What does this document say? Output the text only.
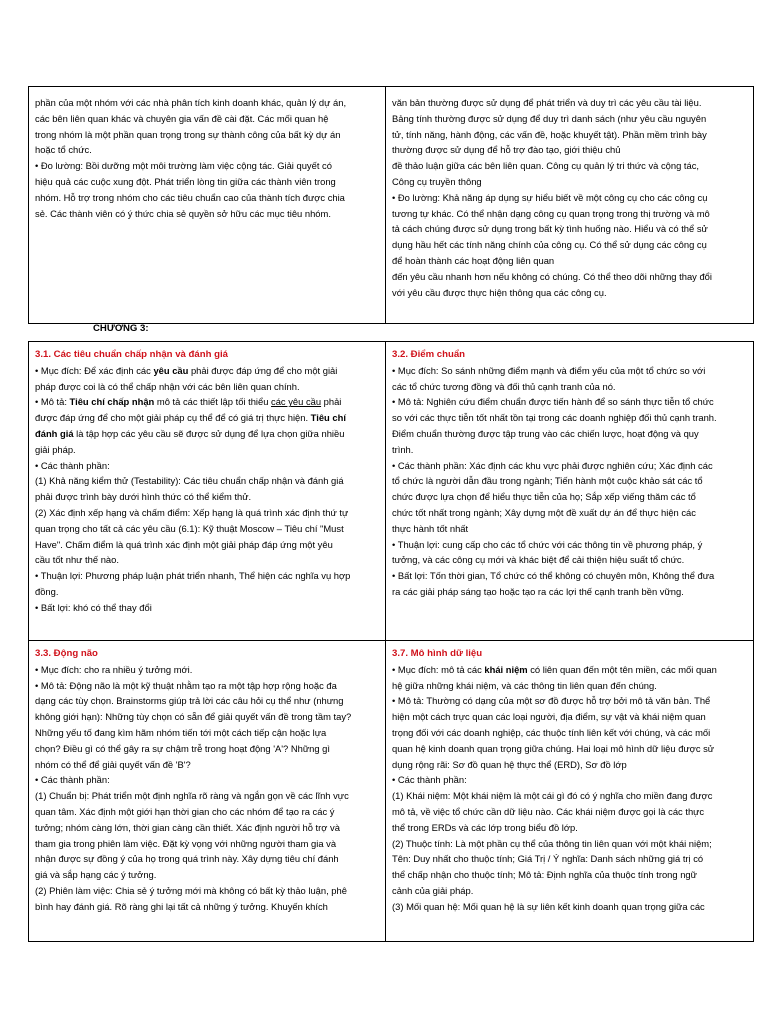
phần của một nhóm với các nhà phân tích kinh doanh khác, quản lý dự án,

các bên liên quan khác và chuyên gia vấn đề cài đặt. Các mối quan hệ

trong nhóm là một phần quan trọng trong sự thành công của bất kỳ dự án

hoặc tổ chức.

• Đo lường: Bồi dưỡng một môi trường làm việc cộng tác. Giải quyết có

hiệu quả các cuộc xung đột. Phát triển lòng tin giữa các thành viên trong

nhóm. Hỗ trợ trong nhóm cho các tiêu chuẩn cao của thành tích được chia

sẻ. Các thành viên có ý thức chia sẻ quyền sở hữu các mục tiêu nhóm.

văn bản thường được sử dụng để phát triển và duy trì các yêu cầu tài liệu.

Bảng tính thường được sử dụng để duy trì danh sách (như yêu cầu nguyên

tử, tính năng, hành động, các vấn đề, hoặc khuyết tật). Phần mềm trình bày

thường được sử dụng để hỗ trợ đào tạo, giới thiệu chủ

đề thảo luận giữa các bên liên quan. Công cụ quản lý tri thức và cộng tác,

Công cụ truyền thông

• Đo lường: Khả năng áp dụng sự hiểu biết về một công cụ cho các công cụ

tương tự khác. Có thể nhận dạng công cụ quan trọng trong thị trường và mô

tả cách chúng được sử dụng trong bất kỳ tình huống nào. Hiểu và có thể sử

dụng hầu hết các tính năng chính của công cụ. Có thể sử dụng các công cụ

để hoàn thành các hoạt động liên quan

đến yêu cầu nhanh hơn nếu không có chúng. Có thể theo dõi những thay đổi

với yêu cầu được thực hiện thông qua các công cụ.

CHƯƠNG 3:

3.1. Các tiêu chuẩn chấp nhận và đánh giá

• Mục đích: Để xác định các yêu cầu phải được đáp ứng để cho một giải

pháp được coi là có thể chấp nhận với các bên liên quan chính.

• Mô tả: Tiêu chí chấp nhận mô tả các thiết lập tối thiểu các yêu cầu phải

được đáp ứng để cho một giải pháp cụ thể để có giá trị thực hiện. Tiêu chí

đánh giá là tập hợp các yêu cầu sẽ được sử dụng để lựa chọn giữa nhiều

giải pháp.

• Các thành phần:

(1) Khả năng kiểm thử (Testability): Các tiêu chuẩn chấp nhận và đánh giá

phải được trình bày dưới hình thức có thể kiểm thử.

(2) Xác định xếp hạng và chấm điểm: Xếp hạng là quá trình xác định thứ tự

quan trọng cho tất cả các yêu cầu (6.1): Kỹ thuật Moscow – Tiêu chí "Must

Have". Chấm điểm là quá trình xác định một giải pháp đáp ứng một yêu

cầu tốt như thế nào.

• Thuận lợi: Phương pháp luận phát triển nhanh, Thể hiện các nghĩa vụ hợp

đồng.

• Bất lợi: khó có thể thay đổi

3.2. Điểm chuẩn

• Mục đích: So sánh những điểm mạnh và điểm yếu của một tổ chức so với

các tổ chức tương đồng và đối thủ cạnh tranh của nó.

• Mô tả: Nghiên cứu điểm chuẩn được tiến hành để so sánh thực tiễn tổ chức

so với các thực tiễn tốt nhất tồn tại trong các doanh nghiệp đối thủ cạnh tranh.

Điểm chuẩn thường được tập trung vào các chiến lược, hoạt động và quy

trình.

• Các thành phần: Xác định các khu vực phải được nghiên cứu; Xác định các

tổ chức là người dẫn đầu trong ngành; Tiến hành một cuộc khảo sát các tổ

chức được lựa chọn để hiểu thực tiễn của họ; Sắp xếp viếng thăm các tổ

chức tốt nhất trong ngành; Xây dựng một đề xuất dự án để thực hiện các

thực hành tốt nhất

• Thuận lợi: cung cấp cho các tổ chức với các thông tin về phương pháp, ý

tưởng, và các công cụ mới và khác biệt để cải thiện hiệu suất tổ chức.

• Bất lợi: Tốn thời gian, Tổ chức có thể không có chuyên môn, Không thể đưa

ra các giải pháp sáng tạo hoặc tạo ra các lợi thế cạnh tranh bền vững.

3.3. Động não

• Mục đích: cho ra nhiều ý tưởng mới.

• Mô tả: Động não là một kỹ thuật nhằm tạo ra một tập hợp rộng hoặc đa

dạng các tùy chọn. Brainstorms giúp trả lời các câu hỏi cụ thể như (nhưng

không giới hạn): Những tùy chọn có sẵn để giải quyết vấn đề trong tầm tay?

Những yếu tố đang kìm hãm nhóm tiến tới một cách tiếp cận hoặc lựa

chọn? Điều gì có thể gây ra sự chậm trễ trong hoạt động 'A'? Những gì

nhóm có thể để giải quyết vấn đề 'B'?

• Các thành phần:

(1) Chuẩn bị: Phát triển một định nghĩa rõ ràng và ngắn gọn về các lĩnh vực

quan tâm. Xác định một giới hạn thời gian cho các nhóm để tạo ra các ý

tưởng; nhóm càng lớn, thời gian càng cần thiết. Xác định người hỗ trợ và

tham gia trong phiên làm việc. Đặt kỳ vọng với những người tham gia và

nhận được sự đồng ý của họ trong quá trình này. Xây dựng tiêu chí đánh

giá và sắp hạng các ý tưởng.

(2) Phiên làm việc: Chia sẻ ý tưởng mới mà không có bất kỳ thảo luận, phê

bình hay đánh giá. Rõ ràng ghi lại tất cả những ý tưởng. Khuyến khích

3.7. Mô hình dữ liệu

• Mục đích: mô tả các khái niệm có liên quan đến một tên miền, các mối quan

hệ giữa những khái niệm, và các thông tin liên quan đến chúng.

• Mô tả: Thường có dạng của một sơ đồ được hỗ trợ bởi mô tả văn bản. Thể

hiện một cách trực quan các loại người, địa điểm, sự vật và khái niệm quan

trọng đối với các doanh nghiệp, các thuộc tính liên kết với chúng, và các mối

quan hệ kinh doanh quan trọng giữa chúng. Hai loại mô hình dữ liệu được sử

dụng rộng rãi: Sơ đồ quan hệ thực thể (ERD), Sơ đồ lớp

• Các thành phần:

(1) Khái niệm: Một khái niệm là một cái gì đó có ý nghĩa cho miền đang được

mô tả, về việc tổ chức cần dữ liệu nào. Các khái niệm được gọi là các thực

thể trong ERDs và các lớp trong biểu đồ lớp.

(2) Thuộc tính: Là một phần cụ thể của thông tin liên quan với một khái niệm;

Tên: Duy nhất cho thuộc tính; Giá Trị / Ý nghĩa: Danh sách những giá trị có

thể chấp nhận cho thuộc tính; Mô tả: Định nghĩa của thuộc tính trong ngữ

cảnh của giải pháp.

(3) Mối quan hệ: Mối quan hệ là sự liên kết kinh doanh quan trọng giữa các
